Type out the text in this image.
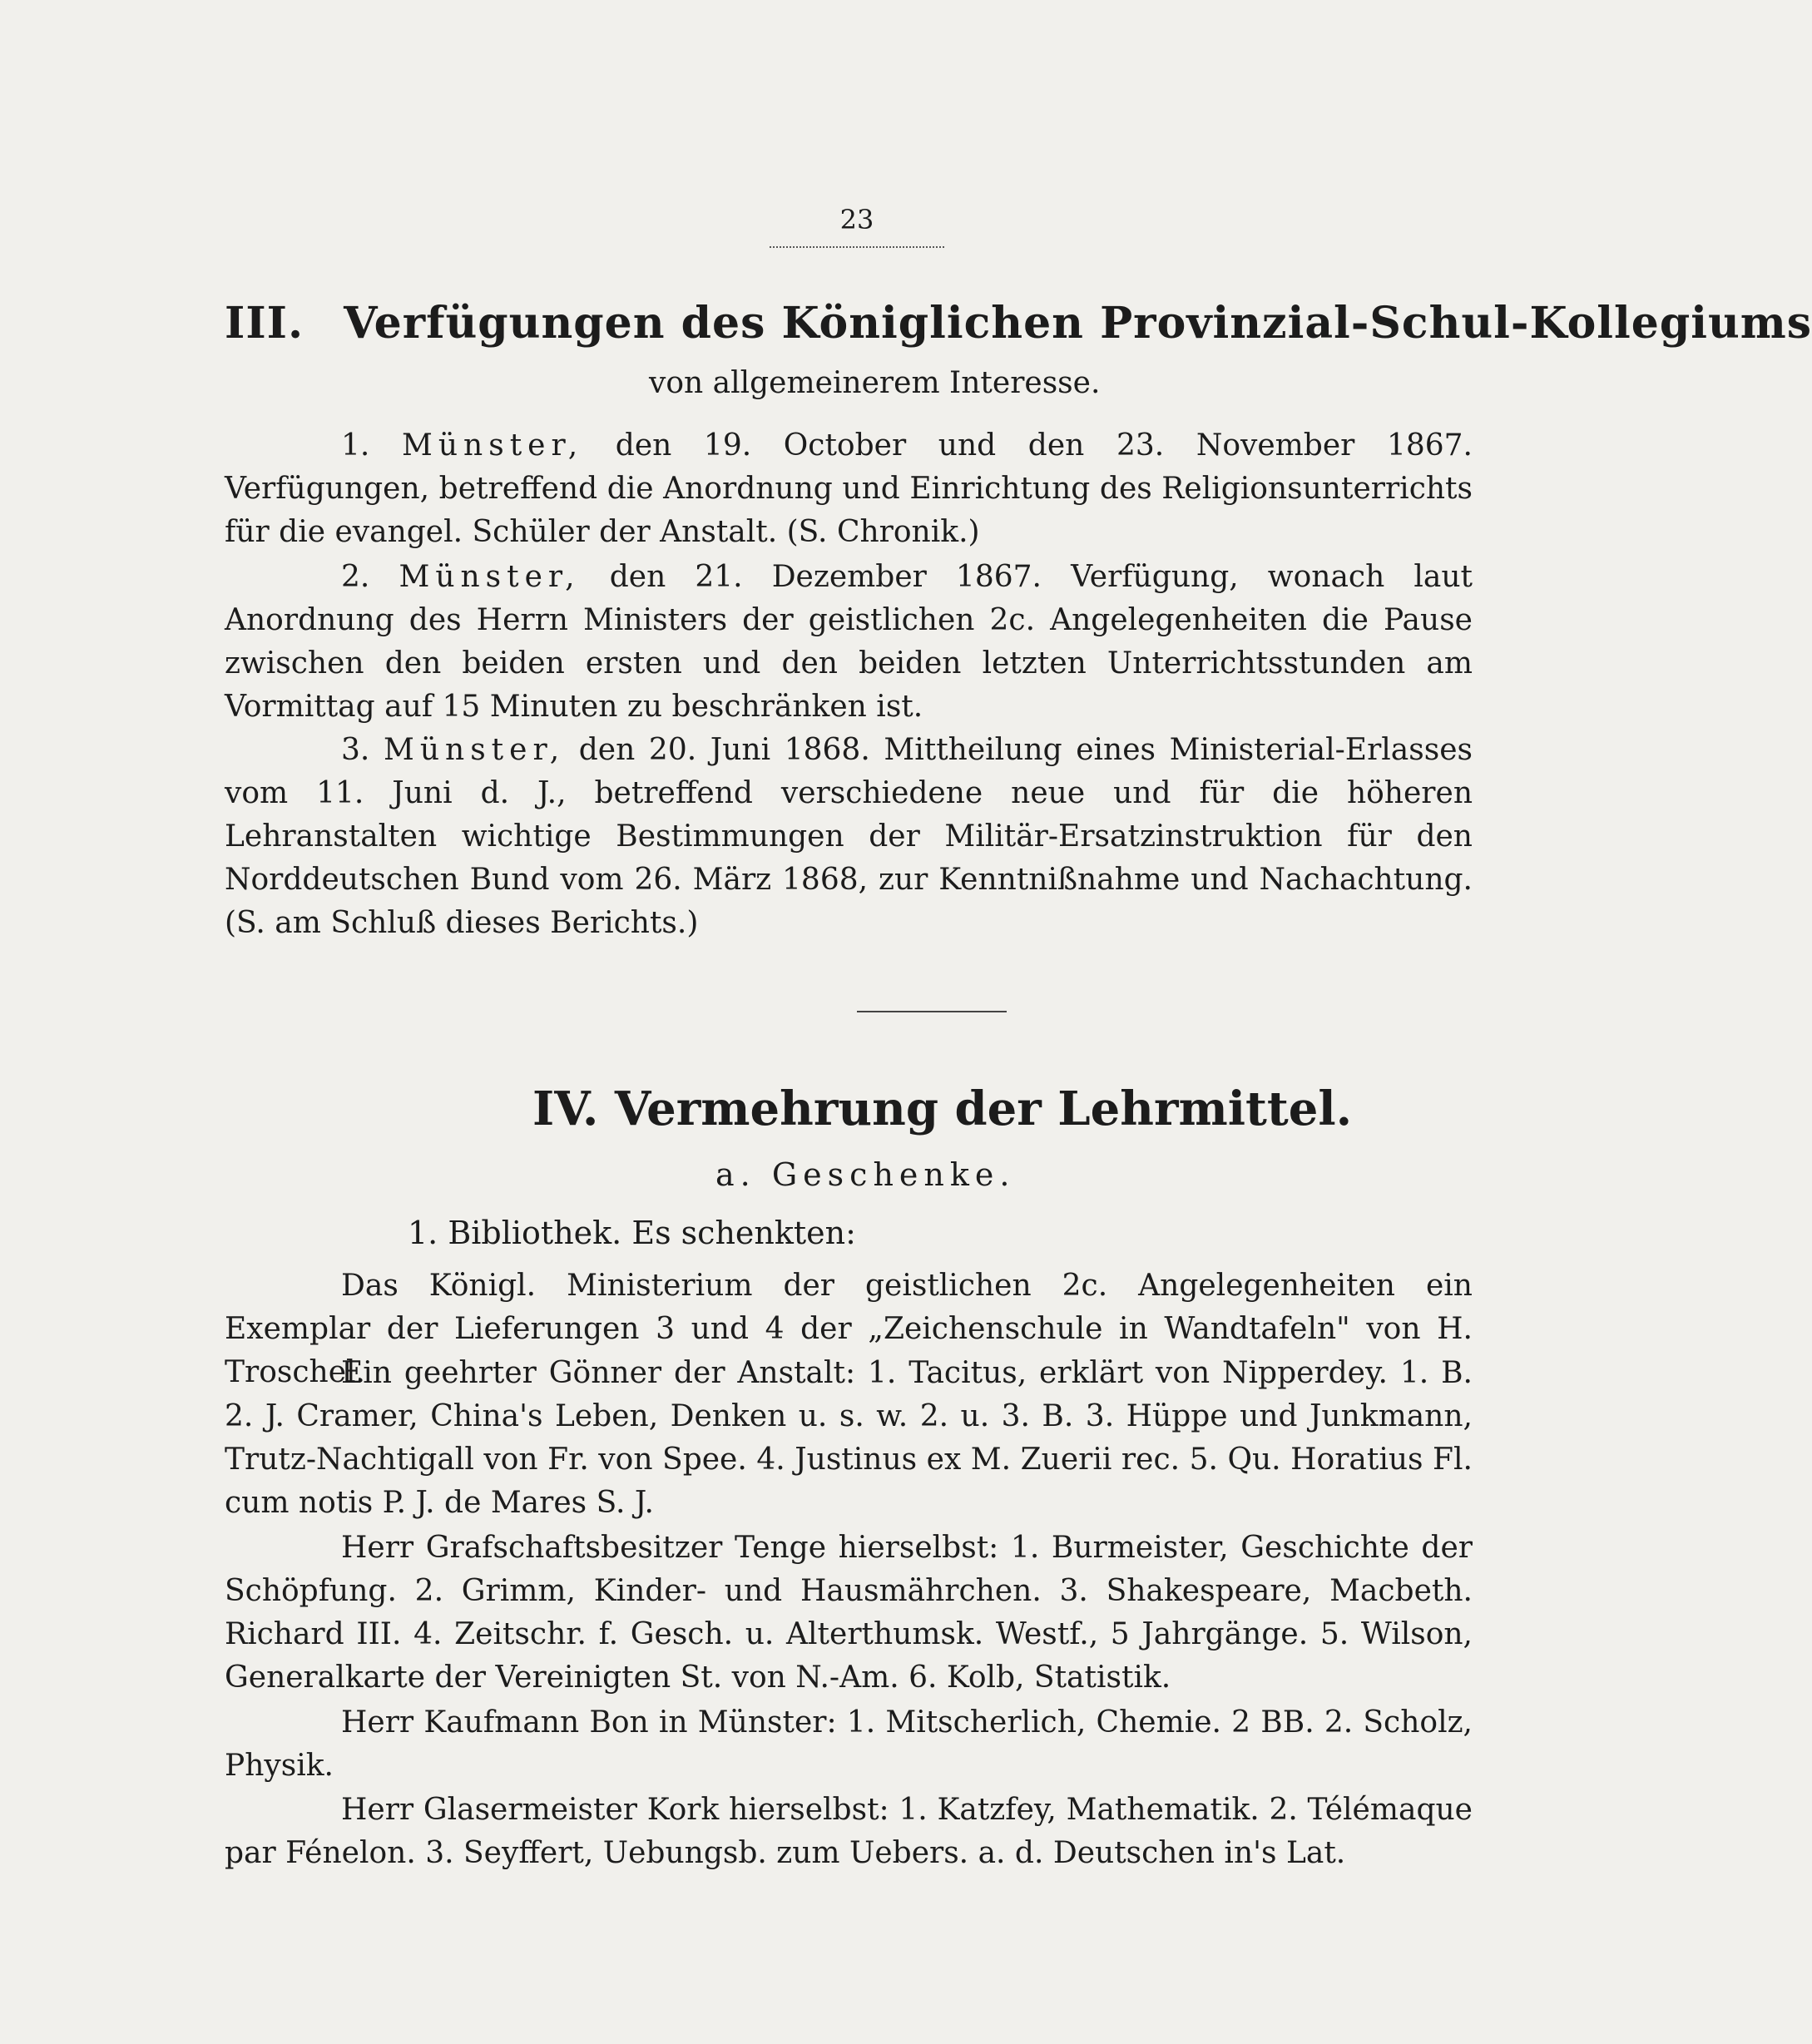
23
III. Verfügungen des Königlichen Provinzial-Schul-Kollegiums
von allgemeinerem Interesse.

1. Münster, den 19. October und den 23. November 1867. Verfügungen, betreffend die Anordnung und Einrichtung des Religionsunterrichts für die evangel. Schüler der Anstalt. (S. Chronik.)

2. Münster, den 21. Dezember 1867. Verfügung, wonach laut Anordnung des Herrn Ministers der geistlichen 2c. Angelegenheiten die Pause zwischen den beiden ersten und den beiden letzten Unterrichtsstunden am Vormittag auf 15 Minuten zu beschränken ist.

3. Münster, den 20. Juni 1868. Mittheilung eines Ministerial-Erlasses vom 11. Juni d. J., betreffend verschiedene neue und für die höheren Lehranstalten wichtige Bestimmungen der Militär-Ersatzinstruktion für den Norddeutschen Bund vom 26. März 1868, zur Kenntnißnahme und Nachachtung. (S. am Schluß dieses Berichts.)

IV. Vermehrung der Lehrmittel.
a. Geschenke.
1. Bibliothek. Es schenkten:

Das Königl. Ministerium der geistlichen 2c. Angelegenheiten ein Exemplar der Lieferungen 3 und 4 der „Zeichenschule in Wandtafeln" von H. Troschel.

Ein geehrter Gönner der Anstalt: 1. Tacitus, erklärt von Nipperdey. 1. B. 2. J. Cramer, China's Leben, Denken u. s. w. 2. u. 3. B. 3. Hüppe und Junkmann, Trutz-Nachtigall von Fr. von Spee. 4. Justinus ex M. Zuerii rec. 5. Qu. Horatius Fl. cum notis P. J. de Mares S. J.

Herr Grafschaftsbesitzer Tenge hierselbst: 1. Burmeister, Geschichte der Schöpfung. 2. Grimm, Kinder- und Hausmährchen. 3. Shakespeare, Macbeth. Richard III. 4. Zeitschr. f. Gesch. u. Alterthumsk. Westf., 5 Jahrgänge. 5. Wilson, Generalkarte der Vereinigten St. von N.-Am. 6. Kolb, Statistik.

Herr Kaufmann Bon in Münster: 1. Mitscherlich, Chemie. 2 BB. 2. Scholz, Physik.

Herr Glasermeister Kork hierselbst: 1. Katzfey, Mathematik. 2. Télémaque par Fénelon. 3. Seyffert, Uebungsb. zum Uebers. a. d. Deutschen in's Lat.
